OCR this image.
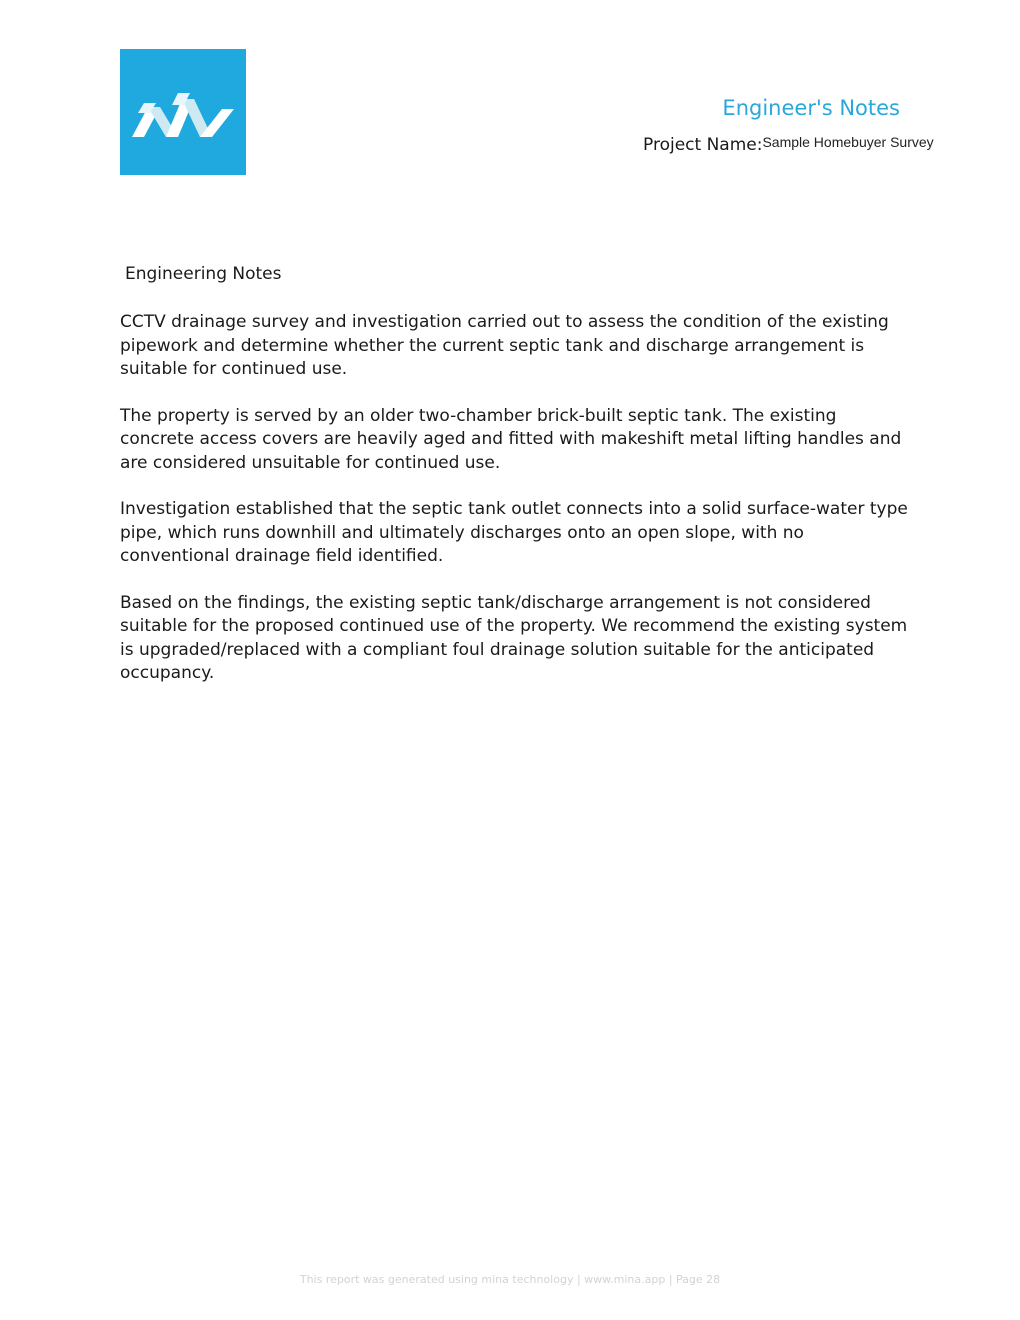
Engineer's Notes
Project Name:Sample Homebuyer Survey
Engineering Notes

CCTV drainage survey and investigation carried out to assess the condition of the existing pipework and determine whether the current septic tank and discharge arrangement is suitable for continued use.

The property is served by an older two-chamber brick-built septic tank. The existing concrete access covers are heavily aged and fitted with makeshift metal lifting handles and are considered unsuitable for continued use.

Investigation established that the septic tank outlet connects into a solid surface-water type pipe, which runs downhill and ultimately discharges onto an open slope, with no conventional drainage field identified.

Based on the findings, the existing septic tank/discharge arrangement is not considered suitable for the proposed continued use of the property. We recommend the existing system is upgraded/replaced with a compliant foul drainage solution suitable for the anticipated occupancy.

This report was generated using mina technology | www.mina.app | Page 28
